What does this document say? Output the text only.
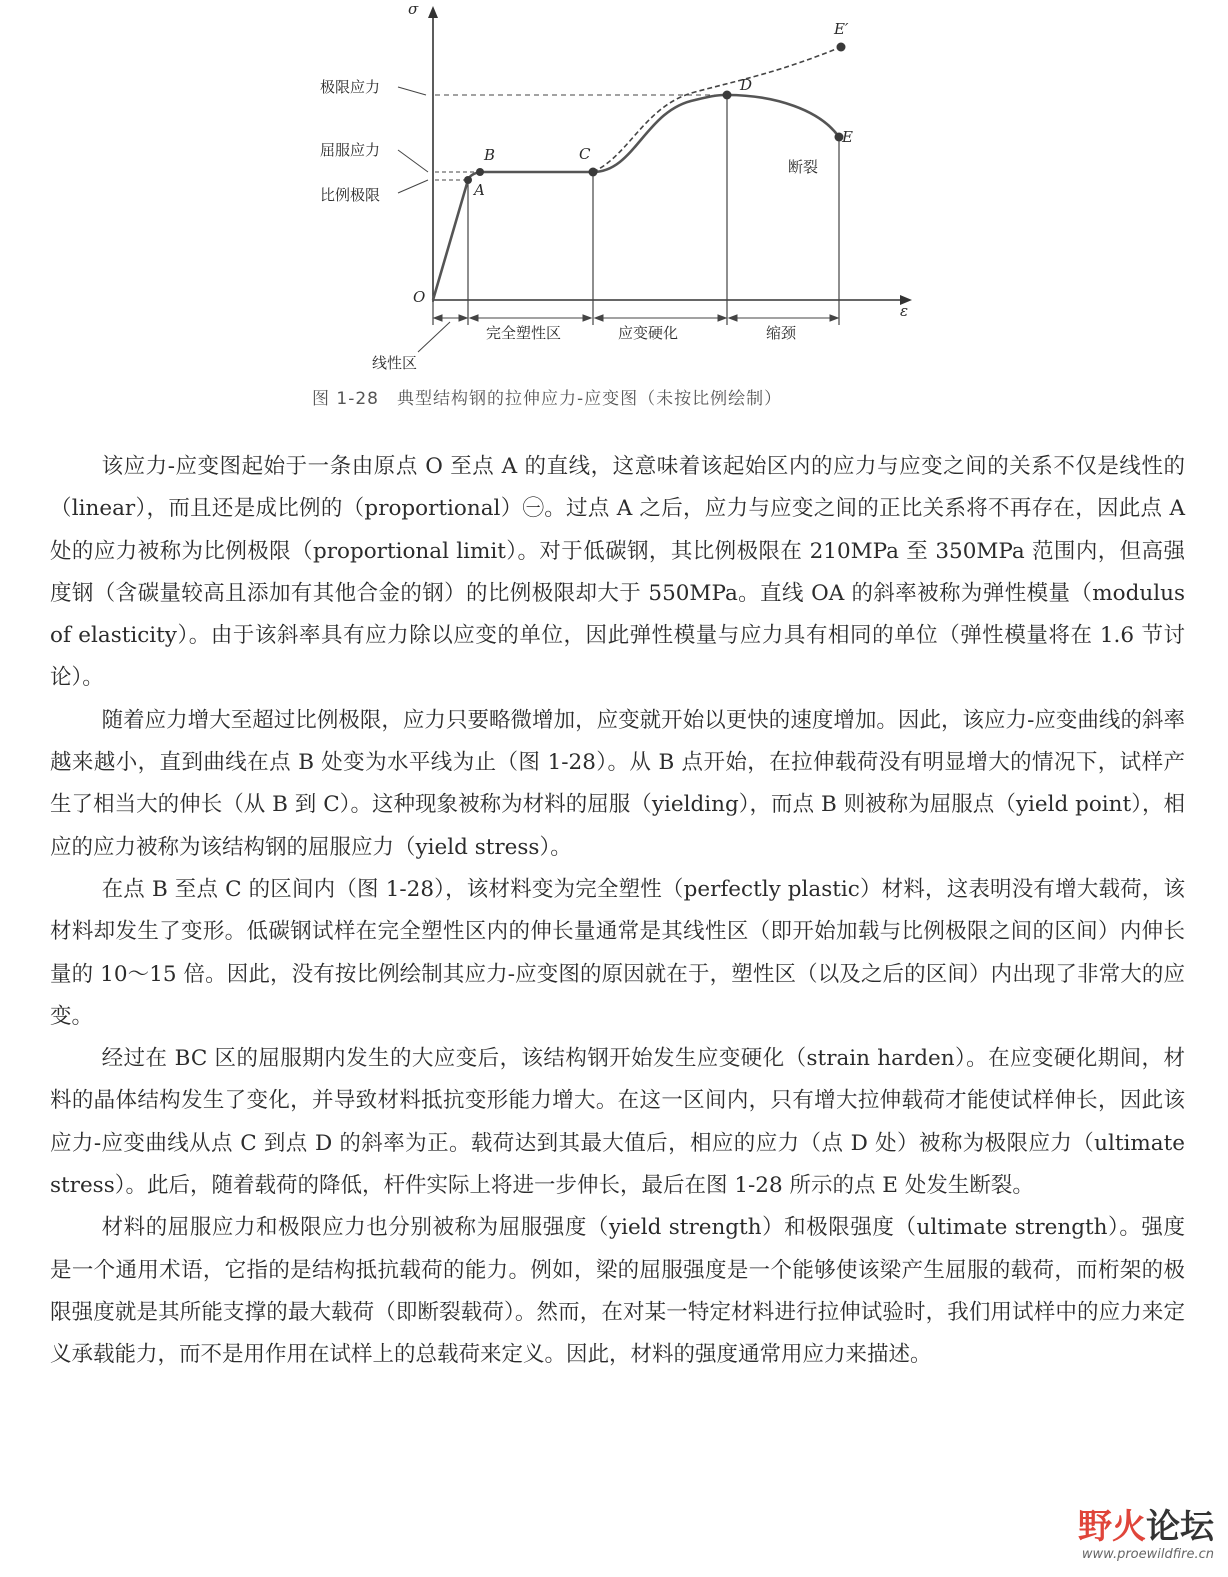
σ
ε
O
极限应力
屈服应力
比例极限	A
B	C
D
E
E′
断裂
完全塑性区	应变硬化	缩颈
线性区
图 1-28　典型结构钢的拉伸应力-应变图（未按比例绘制）

该应力-应变图起始于一条由原点 O 至点 A 的直线，这意味着该起始区内的应力与应变之间的关系不仅是线性的（linear），而且还是成比例的（proportional）㊀。过点 A 之后，应力与应变之间的正比关系将不再存在，因此点 A 处的应力被称为比例极限（proportional limit）。对于低碳钢，其比例极限在 210MPa 至 350MPa 范围内，但高强度钢（含碳量较高且添加有其他合金的钢）的比例极限却大于 550MPa。直线 OA 的斜率被称为弹性模量（modulus of elasticity）。由于该斜率具有应力除以应变的单位，因此弹性模量与应力具有相同的单位（弹性模量将在 1.6 节讨论）。

随着应力增大至超过比例极限，应力只要略微增加，应变就开始以更快的速度增加。因此，该应力-应变曲线的斜率越来越小，直到曲线在点 B 处变为水平线为止（图 1-28）。从 B 点开始，在拉伸载荷没有明显增大的情况下，试样产生了相当大的伸长（从 B 到 C）。这种现象被称为材料的屈服（yielding），而点 B 则被称为屈服点（yield point），相应的应力被称为该结构钢的屈服应力（yield stress）。

在点 B 至点 C 的区间内（图 1-28），该材料变为完全塑性（perfectly plastic）材料，这表明没有增大载荷，该材料却发生了变形。低碳钢试样在完全塑性区内的伸长量通常是其线性区（即开始加载与比例极限之间的区间）内伸长量的 10～15 倍。因此，没有按比例绘制其应力-应变图的原因就在于，塑性区（以及之后的区间）内出现了非常大的应变。

经过在 BC 区的屈服期内发生的大应变后，该结构钢开始发生应变硬化（strain harden）。在应变硬化期间，材料的晶体结构发生了变化，并导致材料抵抗变形能力增大。在这一区间内，只有增大拉伸载荷才能使试样伸长，因此该应力-应变曲线从点 C 到点 D 的斜率为正。载荷达到其最大值后，相应的应力（点 D 处）被称为极限应力（ultimate stress）。此后，随着载荷的降低，杆件实际上将进一步伸长，最后在图 1-28 所示的点 E 处发生断裂。

材料的屈服应力和极限应力也分别被称为屈服强度（yield strength）和极限强度（ultimate strength）。强度是一个通用术语，它指的是结构抵抗载荷的能力。例如，梁的屈服强度是一个能够使该梁产生屈服的载荷，而桁架的极限强度就是其所能支撑的最大载荷（即断裂载荷）。然而，在对某一特定材料进行拉伸试验时，我们用试样中的应力来定义承载能力，而不是用作用在试样上的总载荷来定义。因此，材料的强度通常用应力来描述。

野火论坛
www.proewildfire.cn
